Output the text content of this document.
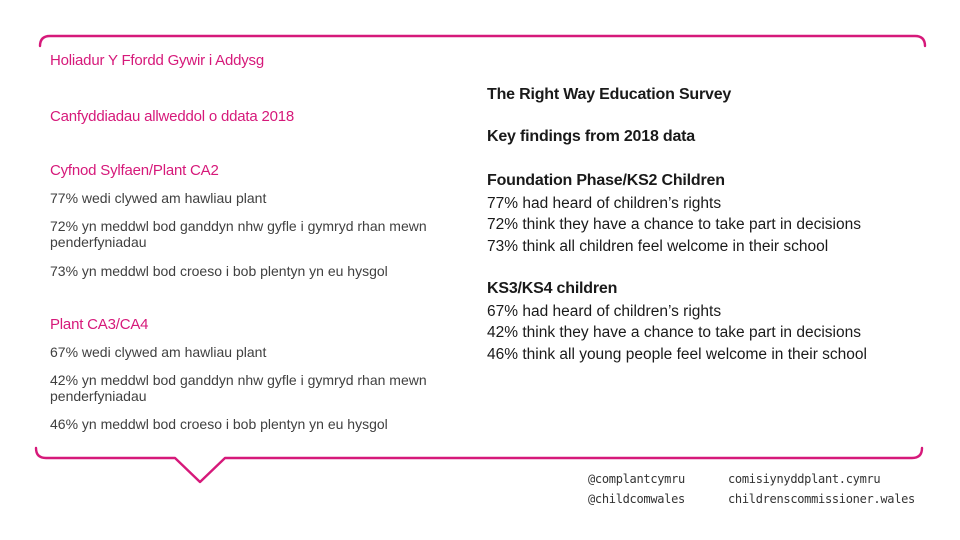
Holiadur Y Ffordd Gywir i Addysg

Canfyddiadau allweddol o ddata 2018

Cyfnod Sylfaen/Plant CA2

77% wedi clywed am hawliau plant

72% yn meddwl bod ganddyn nhw gyfle i gymryd rhan mewn penderfyniadau

73% yn meddwl bod croeso i bob plentyn yn eu hysgol

Plant CA3/CA4

67% wedi clywed am hawliau plant

42% yn meddwl bod ganddyn nhw gyfle i gymryd rhan mewn penderfyniadau

46% yn meddwl bod croeso i bob plentyn yn eu hysgol

The Right Way Education Survey

Key findings from 2018 data

Foundation Phase/KS2 Children

77% had heard of children’s rights

72% think they have a chance to take part in decisions

73% think all children feel welcome in their school

KS3/KS4 children

67% had heard of children’s rights

42% think they have a chance to take part in decisions

46% think all young people feel welcome in their school

@complantcymru
@childcomwales
comisiynyddplant.cymru
childrenscommissioner.wales
